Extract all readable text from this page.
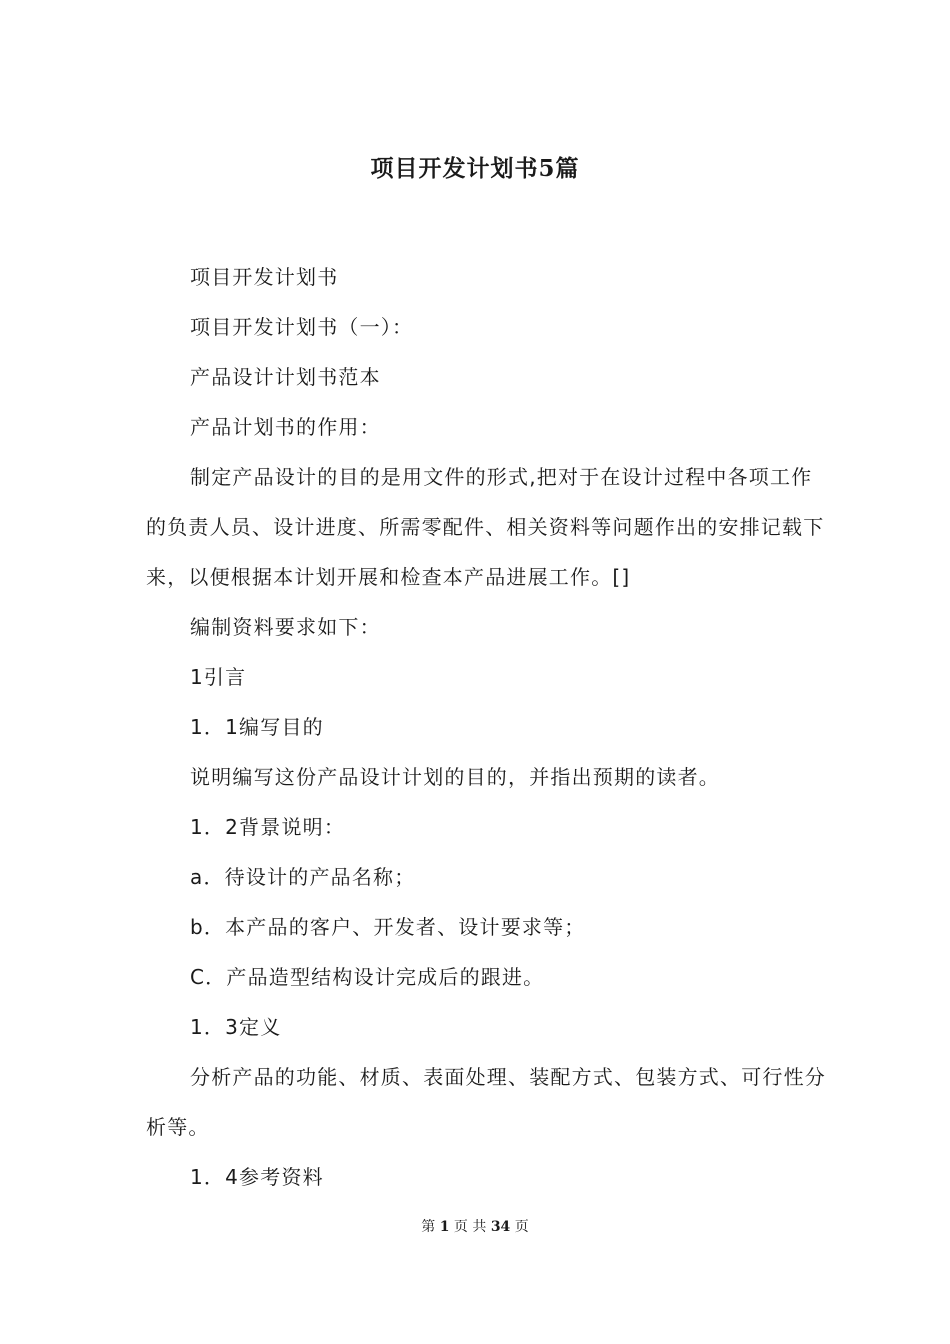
项目开发计划书5篇

项目开发计划书

项目开发计划书（一）：

产品设计计划书范本

产品计划书的作用：

制定产品设计的目的是用文件的形式,把对于在设计过程中各项工作的负责人员、设计进度、所需零配件、相关资料等问题作出的安排记载下来，以便根据本计划开展和检查本产品进展工作。[]

编制资料要求如下：

1引言

1．1编写目的

说明编写这份产品设计计划的目的，并指出预期的读者。

1．2背景说明：

a．待设计的产品名称；

b．本产品的客户、开发者、设计要求等；

C．产品造型结构设计完成后的跟进。

1．3定义

分析产品的功能、材质、表面处理、装配方式、包装方式、可行性分析等。

1．4参考资料

第 1 页 共 34 页
